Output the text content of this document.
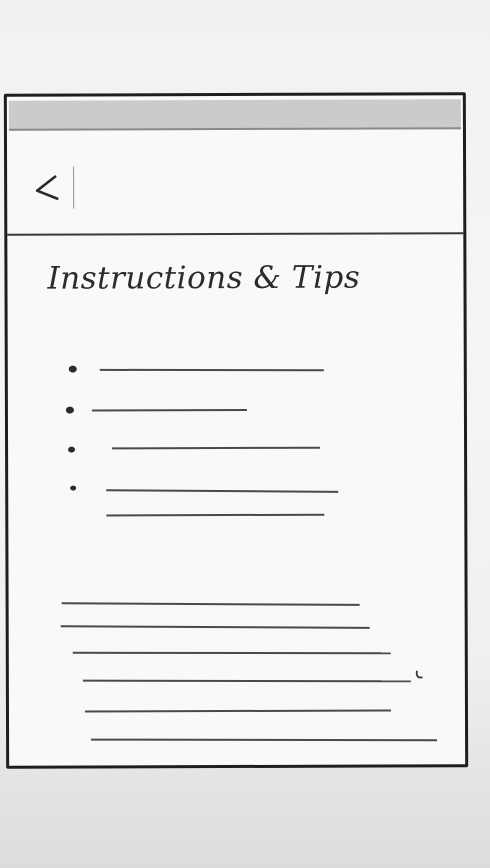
Instructions & Tips
